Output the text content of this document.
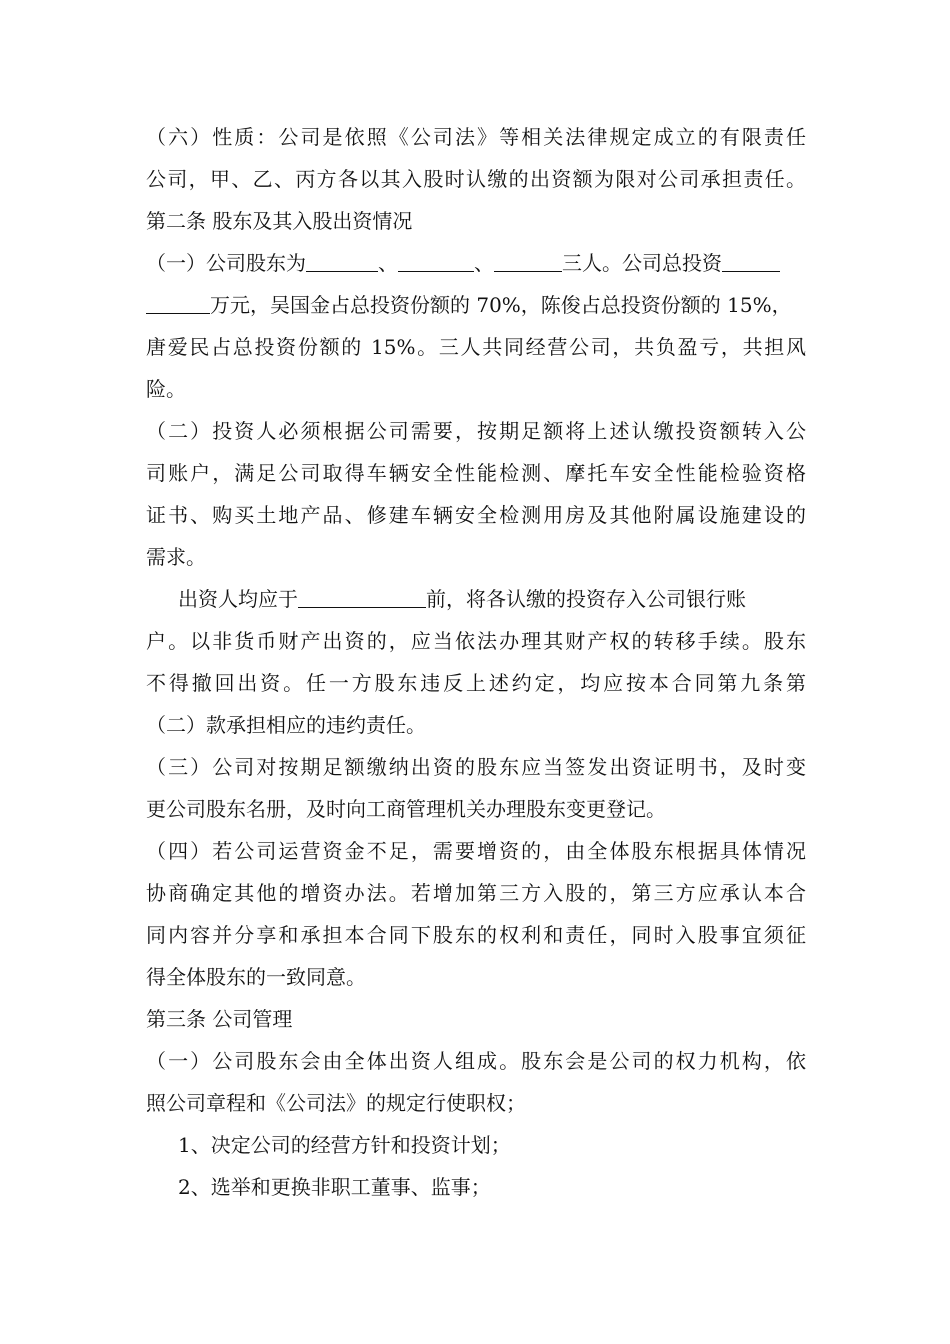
（六）性质：公司是依照《公司法》等相关法律规定成立的有限责任

公司，甲、乙、丙方各以其入股时认缴的出资额为限对公司承担责任。

第二条 股东及其入股出资情况

（一）公司股东为	、	、	三人。公司总投资
万元，吴国金占总投资份额的 70%，陈俊占总投资份额的 15%，

唐爱民占总投资份额的 15%。三人共同经营公司，共负盈亏，共担风

险。

（二）投资人必须根据公司需要，按期足额将上述认缴投资额转入公

司账户，满足公司取得车辆安全性能检测、摩托车安全性能检验资格

证书、购买土地产品、修建车辆安全检测用房及其他附属设施建设的

需求。

出资人均应于	前，将各认缴的投资存入公司银行账

户。以非货币财产出资的，应当依法办理其财产权的转移手续。股东

不得撤回出资。任一方股东违反上述约定，均应按本合同第九条第

（二）款承担相应的违约责任。

（三）公司对按期足额缴纳出资的股东应当签发出资证明书，及时变

更公司股东名册，及时向工商管理机关办理股东变更登记。

（四）若公司运营资金不足，需要增资的，由全体股东根据具体情况

协商确定其他的增资办法。若增加第三方入股的，第三方应承认本合

同内容并分享和承担本合同下股东的权利和责任，同时入股事宜须征

得全体股东的一致同意。

第三条 公司管理

（一）公司股东会由全体出资人组成。股东会是公司的权力机构，依

照公司章程和《公司法》的规定行使职权；

1、决定公司的经营方针和投资计划；

2、选举和更换非职工董事、监事；
